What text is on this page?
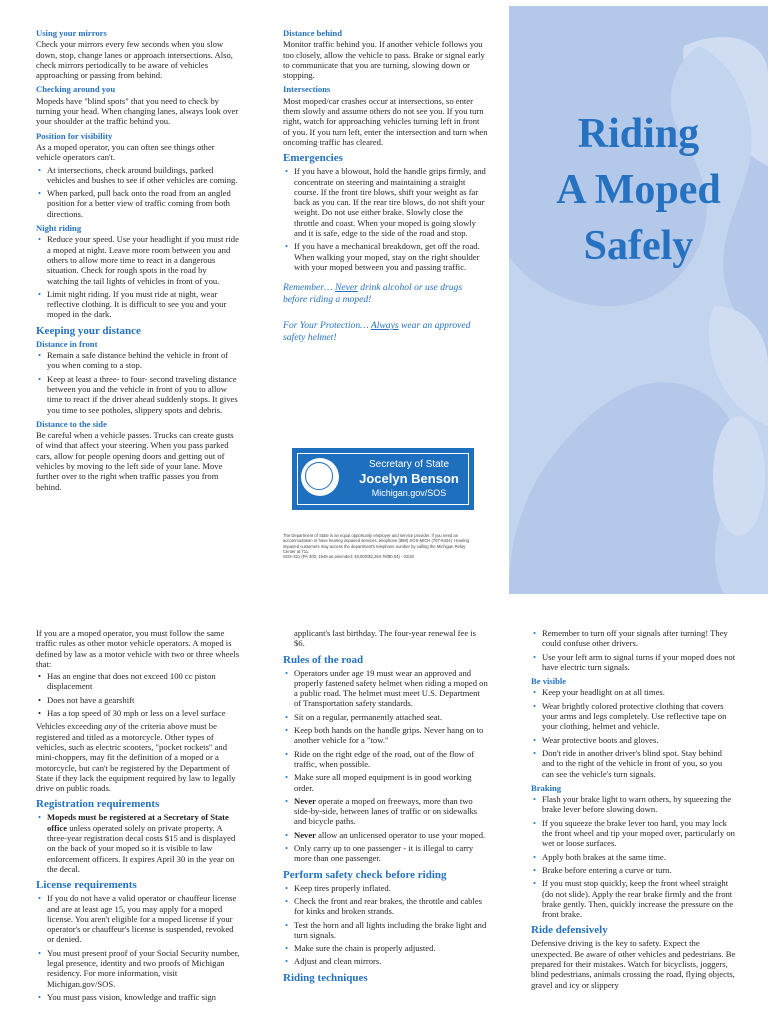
Using your mirrors

Check your mirrors every few seconds when you slow down, stop, change lanes or approach intersections. Also, check mirrors periodically to be aware of vehicles approaching or passing from behind.

Checking around you

Mopeds have "blind spots" that you need to check by turning your head. When changing lanes, always look over your shoulder at the traffic behind you.

Position for visibility

As a moped operator, you can often see things other vehicle operators can't.

• At intersections, check around buildings, parked vehicles and bushes to see if other vehicles are coming.
• When parked, pull back onto the road from an angled position for a better view of traffic coming from both directions.
Night riding
• Reduce your speed. Use your headlight if you must ride a moped at night. Leave more room between you and others to allow more time to react in a dangerous situation. Check for rough spots in the road by watching the tail lights of vehicles in front of you.
• Limit night riding. If you must ride at night, wear reflective clothing. It is difficult to see you and your moped in the dark.
Keeping your distance
Distance in front
• Remain a safe distance behind the vehicle in front of you when coming to a stop.
• Keep at least a three- to four- second traveling distance between you and the vehicle in front of you to allow time to react if the driver ahead suddenly stops. It gives you time to see potholes, slippery spots and debris.
Distance to the side

Be careful when a vehicle passes. Trucks can create gusts of wind that affect your steering. When you pass parked cars, allow for people opening doors and getting out of vehicles by moving to the left side of your lane. Move further over to the right when traffic passes you from behind.

Distance behind

Monitor traffic behind you. If another vehicle follows you too closely, allow the vehicle to pass. Brake or signal early to communicate that you are turning, slowing down or stopping.

Intersections

Most moped/car crashes occur at intersections, so enter them slowly and assume others do not see you. If you turn right, watch for approaching vehicles turning left in front of you. If you turn left, enter the intersection and turn when oncoming traffic has cleared.

Emergencies
• If you have a blowout, hold the handle grips firmly, and concentrate on steering and maintaining a straight course. If the front tire blows, shift your weight as far back as you can. If the rear tire blows, do not shift your weight. Do not use either brake. Slowly close the throttle and coast. When your moped is going slowly and it is safe, edge to the side of the road and stop.
• If you have a mechanical breakdown, get off the road. When walking your moped, stay on the right shoulder with your moped between you and passing traffic.
Remember… Never drink alcohol or use drugs before riding a moped!
For Your Protection… Always wear an approved safety helmet!
Secretary of State
Jocelyn Benson
Michigan.gov/SOS
The Department of State is an equal opportunity employer and service provider. If you need an accommodation or have hearing impaired services, telephone (888) SOS-MICH (767-6424). Hearing impaired customers may access the department's telephone number by calling the Michigan Relay Center at 711.
SOS-321 (PA 300, 1949 as amended; 48,000/$2,294.78/$0.04) - 02/20
Riding
A Moped
Safely

If you are a moped operator, you must follow the same traffic rules as other motor vehicle operators. A moped is defined by law as a motor vehicle with two or three wheels that:

• Has an engine that does not exceed 100 cc piston displacement
• Does not have a gearshift
• Has a top speed of 30 mph or less on a level surface

Vehicles exceeding any of the criteria above must be registered and titled as a motorcycle. Other types of vehicles, such as electric scooters, "pocket rockets" and mini-choppers, may fit the definition of a moped or a motorcycle, but can't be registered by the Department of State if they lack the equipment required by law to legally drive on public roads.

Registration requirements
• Mopeds must be registered at a Secretary of State office unless operated solely on private property. A three-year registration decal costs $15 and is displayed on the back of your moped so it is visible to law enforcement officers. It expires April 30 in the year on the decal.
License requirements
• If you do not have a valid operator or chauffeur license and are at least age 15, you may apply for a moped license. You aren't eligible for a moped license if your operator's or chauffeur's license is suspended, revoked or denied.
• You must present proof of your Social Security number, legal presence, identity and two proofs of Michigan residency. For more information, visit Michigan.gov/SOS.
• You must pass vision, knowledge and traffic sign

applicant's last birthday. The four-year renewal fee is $6.

Rules of the road
• Operators under age 19 must wear an approved and properly fastened safety helmet when riding a moped on a public road. The helmet must meet U.S. Department of Transportation safety standards.
• Sit on a regular, permanently attached seat.
• Keep both hands on the handle grips. Never hang on to another vehicle for a "tow."
• Ride on the right edge of the road, out of the flow of traffic, when possible.
• Make sure all moped equipment is in good working order.
• Never operate a moped on freeways, more than two side-by-side, between lanes of traffic or on sidewalks and bicycle paths.
• Never allow an unlicensed operator to use your moped.
• Only carry up to one passenger - it is illegal to carry more than one passenger.
Perform safety check before riding
• Keep tires properly inflated.
• Check the front and rear brakes, the throttle and cables for kinks and broken strands.
• Test the horn and all lights including the brake light and turn signals.
• Make sure the chain is properly adjusted.
• Adjust and clean mirrors.
Riding techniques
• Remember to turn off your signals after turning! They could confuse other drivers.
• Use your left arm to signal turns if your moped does not have electric turn signals.
Be visible
• Keep your headlight on at all times.
• Wear brightly colored protective clothing that covers your arms and legs completely. Use reflective tape on your clothing, helmet and vehicle.
• Wear protective boots and gloves.
• Don't ride in another driver's blind spot. Stay behind and to the right of the vehicle in front of you, so you can see the vehicle's turn signals.
Braking
• Flash your brake light to warn others, by squeezing the brake lever before slowing down.
• If you squeeze the brake lever too hard, you may lock the front wheel and tip your moped over, particularly on wet or loose surfaces.
• Apply both brakes at the same time.
• Brake before entering a curve or turn.
• If you must stop quickly, keep the front wheel straight (do not slide). Apply the rear brake firmly and the front brake gently. Then, quickly increase the pressure on the front brake.
Ride defensively

Defensive driving is the key to safety. Expect the unexpected. Be aware of other vehicles and pedestrians. Be prepared for their mistakes. Watch for bicyclists, joggers, blind pedestrians, animals crossing the road, flying objects, gravel and icy or slippery
